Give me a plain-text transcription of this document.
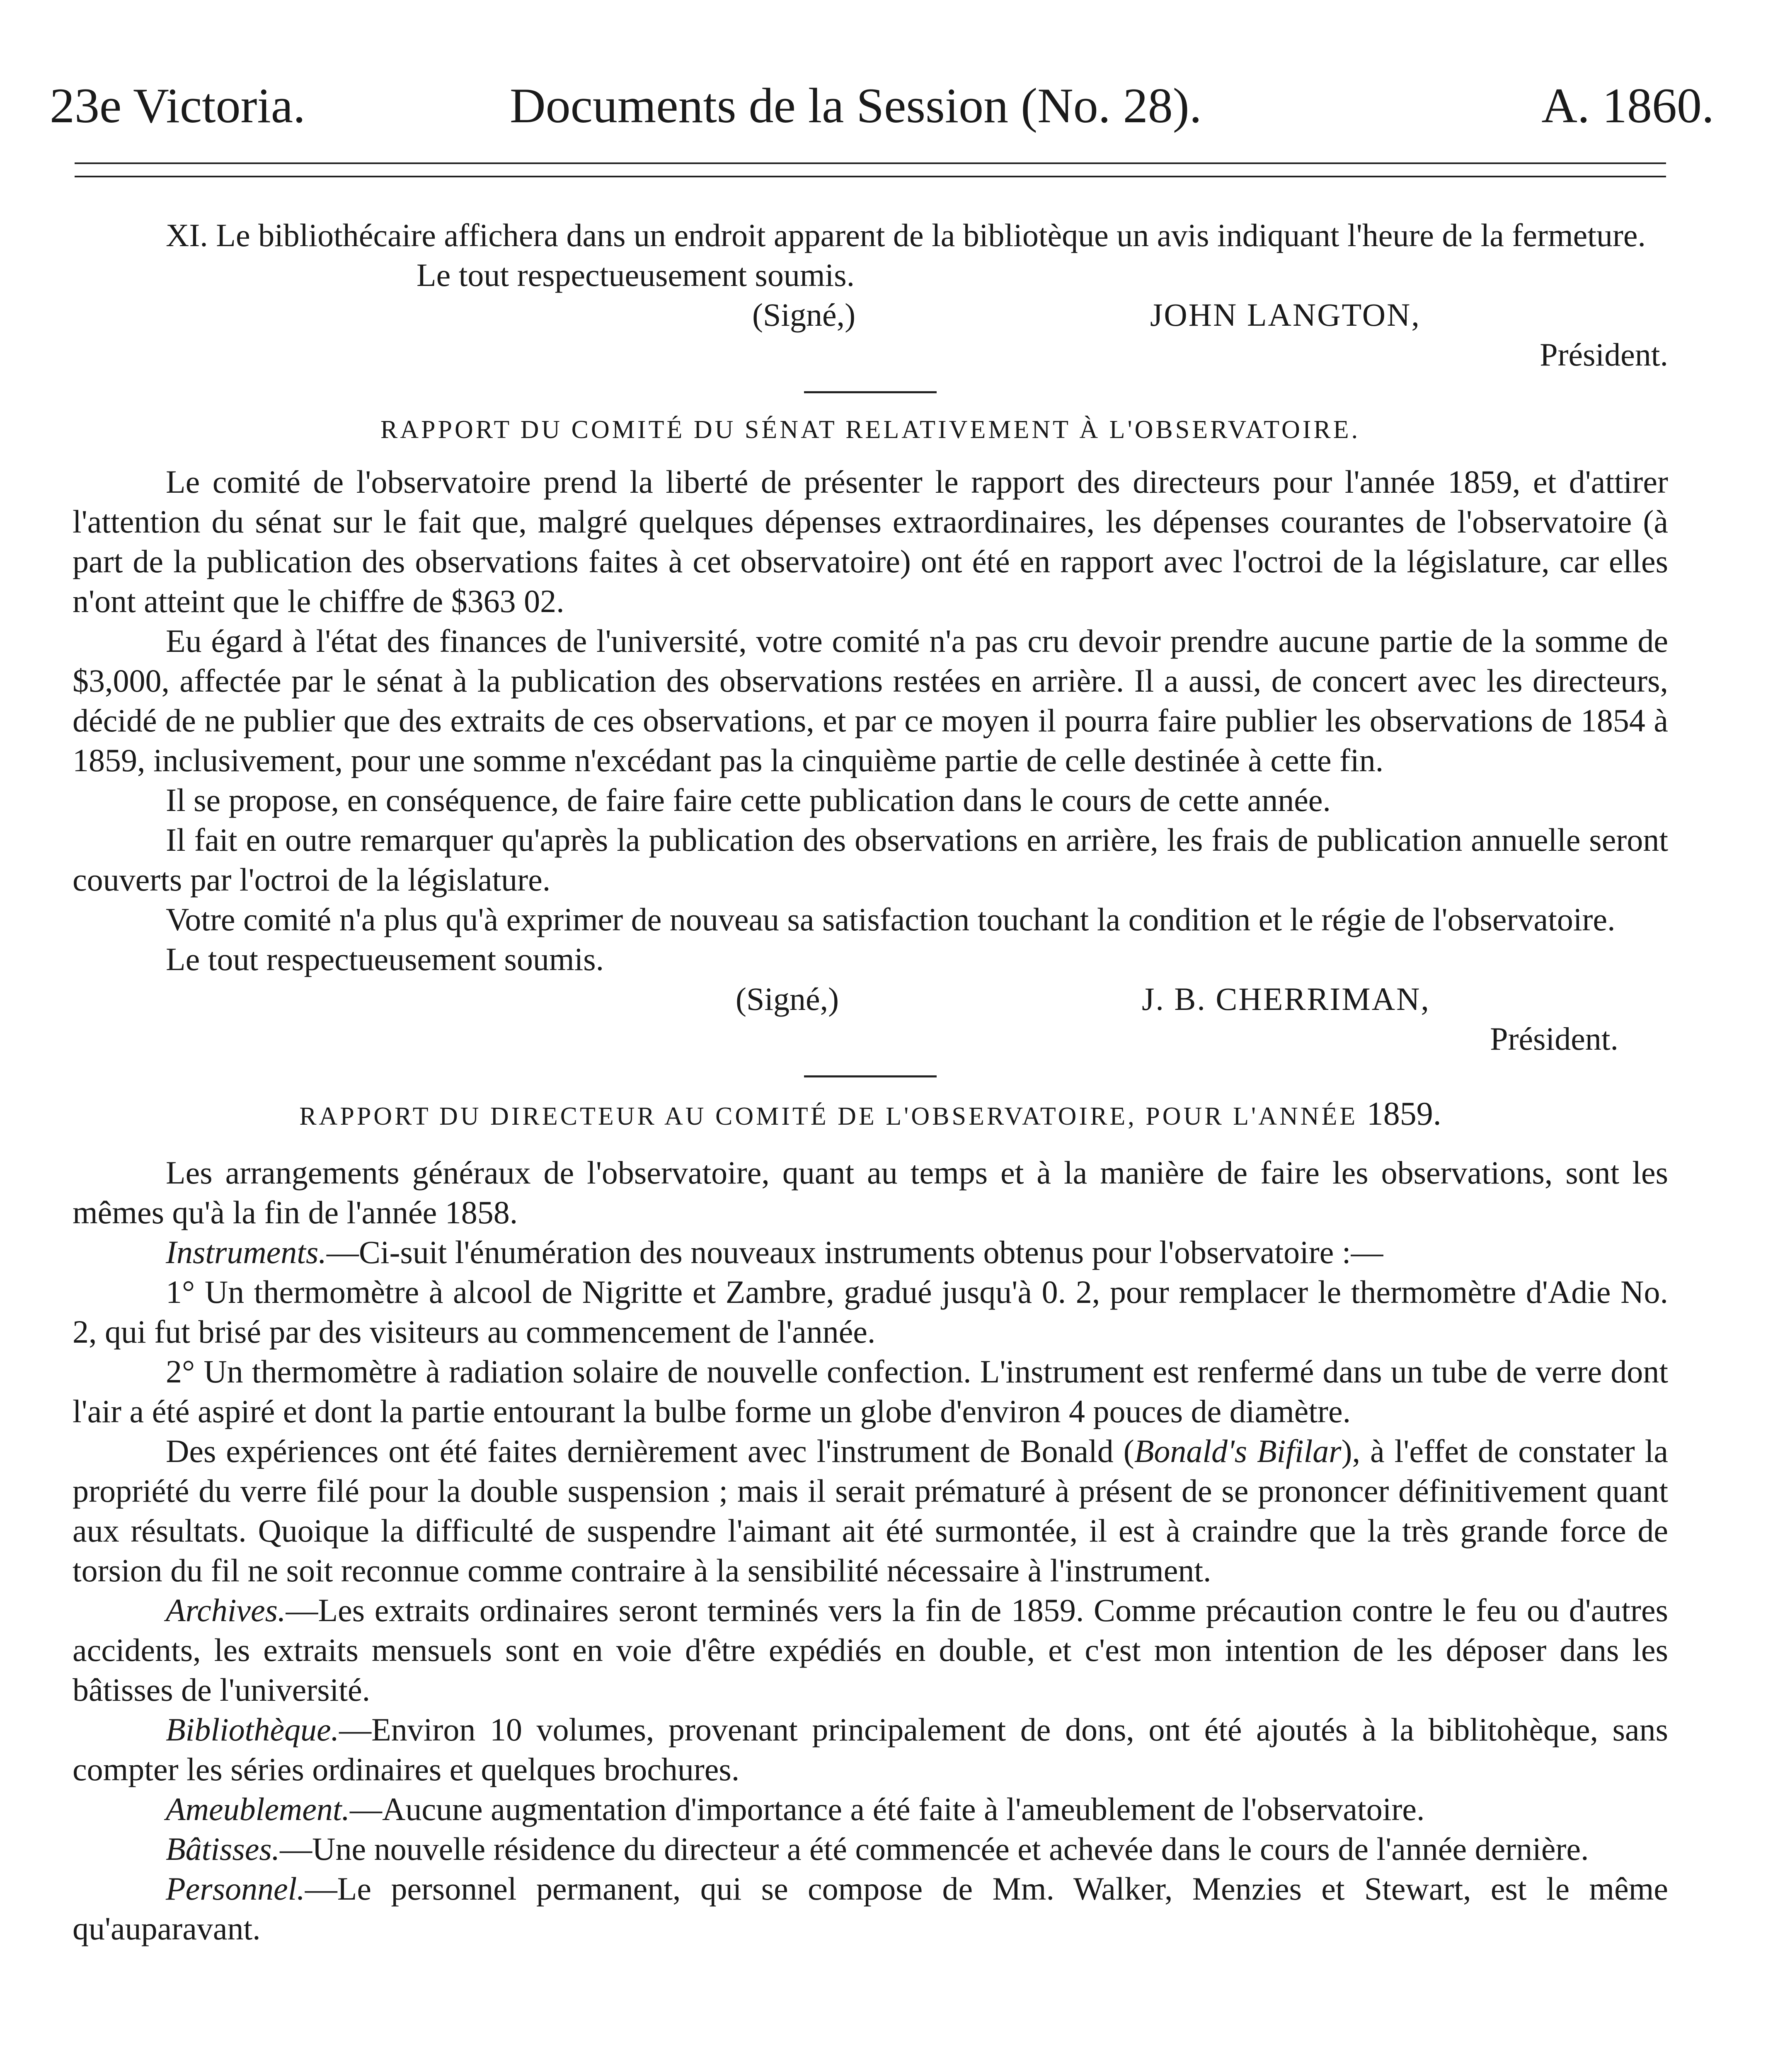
23e Victoria.	Documents de la Session (No. 28).	A. 1860.

XI. Le bibliothécaire affichera dans un endroit apparent de la bibliotèque un avis indiquant l'heure de la fermeture.

Le tout respectueusement soumis.

(Signé,)	JOHN LANGTON,

Président.

RAPPORT DU COMITÉ DU SÉNAT RELATIVEMENT À L'OBSERVATOIRE.

Le comité de l'observatoire prend la liberté de présenter le rapport des directeurs pour l'année 1859, et d'attirer l'attention du sénat sur le fait que, malgré quelques dépenses extraordinaires, les dépenses courantes de l'observatoire (à part de la publication des observations faites à cet observatoire) ont été en rapport avec l'octroi de la législature, car elles n'ont atteint que le chiffre de $363 02.

Eu égard à l'état des finances de l'université, votre comité n'a pas cru devoir prendre aucune partie de la somme de $3,000, affectée par le sénat à la publication des observations restées en arrière. Il a aussi, de concert avec les directeurs, décidé de ne publier que des extraits de ces observations, et par ce moyen il pourra faire publier les observations de 1854 à 1859, inclusivement, pour une somme n'excédant pas la cinquième partie de celle destinée à cette fin.

Il se propose, en conséquence, de faire faire cette publication dans le cours de cette année.

Il fait en outre remarquer qu'après la publication des observations en arrière, les frais de publication annuelle seront couverts par l'octroi de la législature.

Votre comité n'a plus qu'à exprimer de nouveau sa satisfaction touchant la condition et le régie de l'observatoire.

Le tout respectueusement soumis.

(Signé,)	J. B. CHERRIMAN,

Président.

RAPPORT DU DIRECTEUR AU COMITÉ DE L'OBSERVATOIRE, POUR L'ANNÉE 1859.

Les arrangements généraux de l'observatoire, quant au temps et à la manière de faire les observations, sont les mêmes qu'à la fin de l'année 1858.

Instruments.—Ci-suit l'énumération des nouveaux instruments obtenus pour l'observatoire :—

1° Un thermomètre à alcool de Nigritte et Zambre, gradué jusqu'à 0. 2, pour remplacer le thermomètre d'Adie No. 2, qui fut brisé par des visiteurs au commencement de l'année.

2° Un thermomètre à radiation solaire de nouvelle confection. L'instrument est renfermé dans un tube de verre dont l'air a été aspiré et dont la partie entourant la bulbe forme un globe d'environ 4 pouces de diamètre.

Des expériences ont été faites dernièrement avec l'instrument de Bonald (Bonald's Bifilar), à l'effet de constater la propriété du verre filé pour la double suspension ; mais il serait prématuré à présent de se prononcer définitivement quant aux résultats. Quoique la difficulté de suspendre l'aimant ait été surmontée, il est à craindre que la très grande force de torsion du fil ne soit reconnue comme contraire à la sensibilité nécessaire à l'instrument.

Archives.—Les extraits ordinaires seront terminés vers la fin de 1859. Comme précaution contre le feu ou d'autres accidents, les extraits mensuels sont en voie d'être expédiés en double, et c'est mon intention de les déposer dans les bâtisses de l'université.

Bibliothèque.—Environ 10 volumes, provenant principalement de dons, ont été ajoutés à la biblitohèque, sans compter les séries ordinaires et quelques brochures.

Ameublement.—Aucune augmentation d'importance a été faite à l'ameublement de l'observatoire.

Bâtisses.—Une nouvelle résidence du directeur a été commencée et achevée dans le cours de l'année dernière.

Personnel.—Le personnel permanent, qui se compose de Mm. Walker, Menzies et Stewart, est le même qu'auparavant.
